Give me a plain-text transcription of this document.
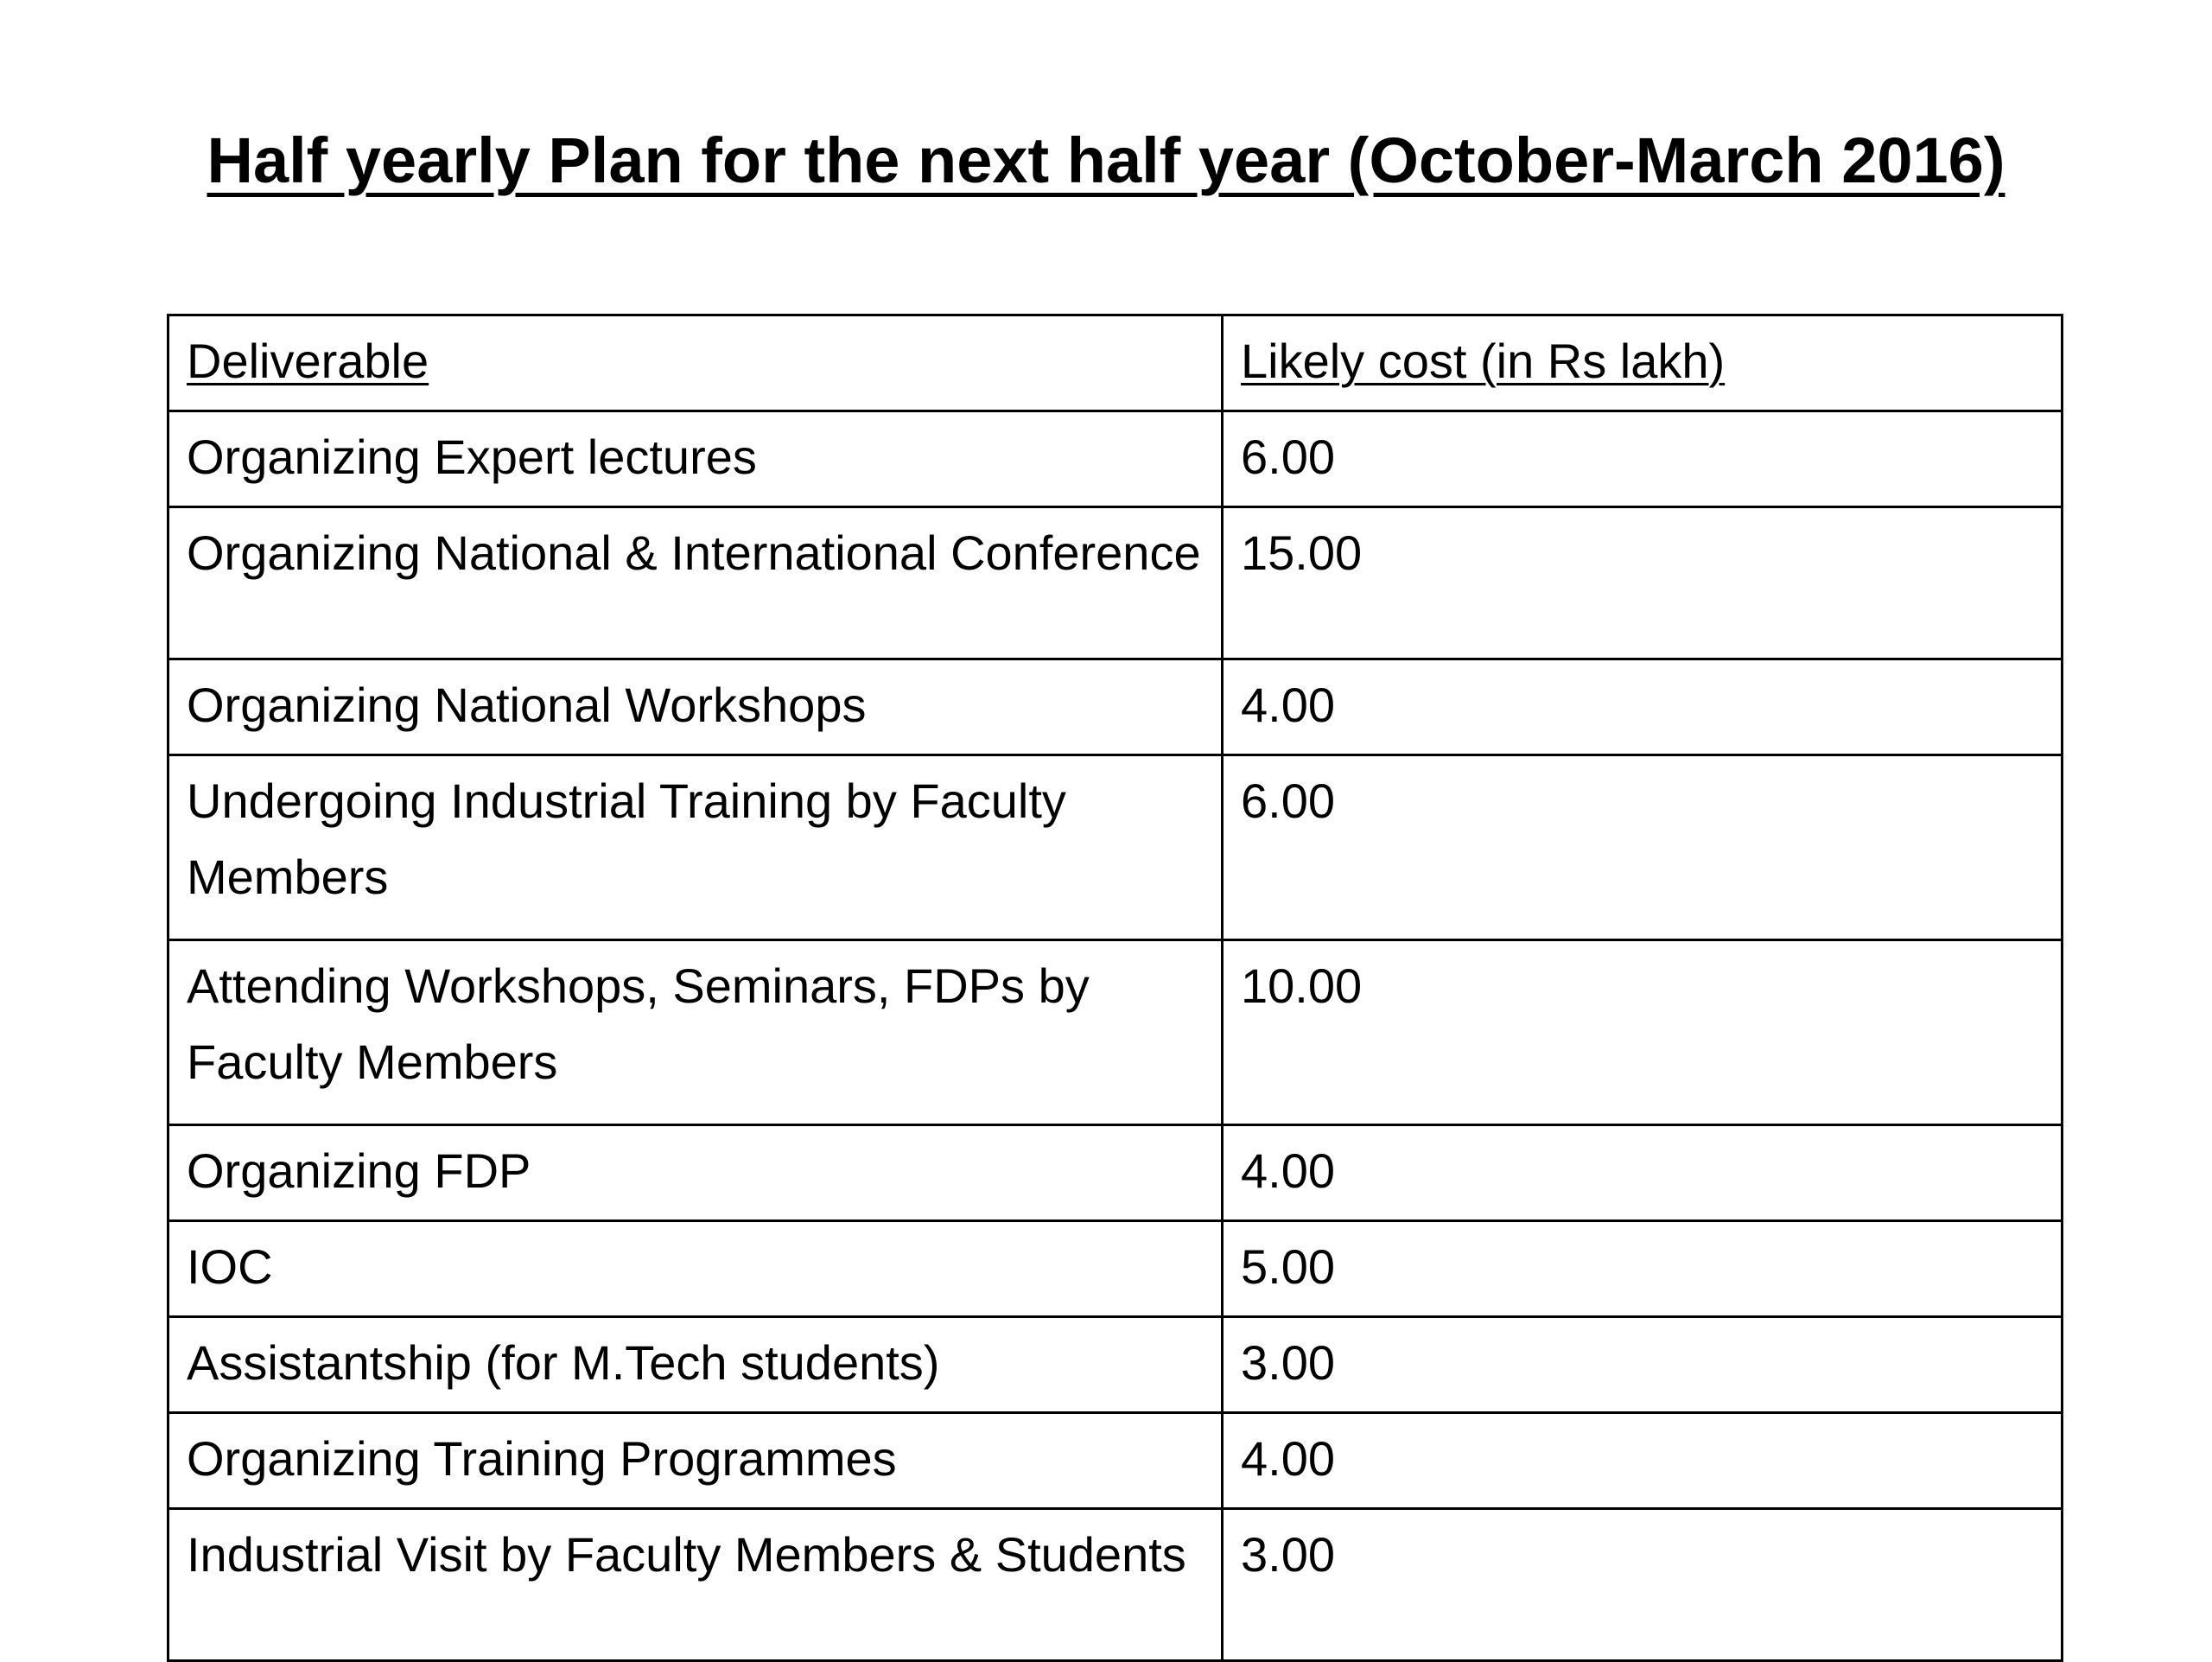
Half yearly Plan for the next half year (October-March 2016)
Deliverable	Likely cost (in Rs lakh)
Organizing Expert lectures	6.00
Organizing National & International Conference	15.00
Organizing National Workshops	4.00
Undergoing Industrial Training by Faculty Members	6.00
Attending Workshops, Seminars, FDPs by Faculty Members	10.00
Organizing FDP	4.00
IOC	5.00
Assistantship (for M.Tech students)	3.00
Organizing Training Programmes	4.00
Industrial Visit by Faculty Members & Students	3.00
